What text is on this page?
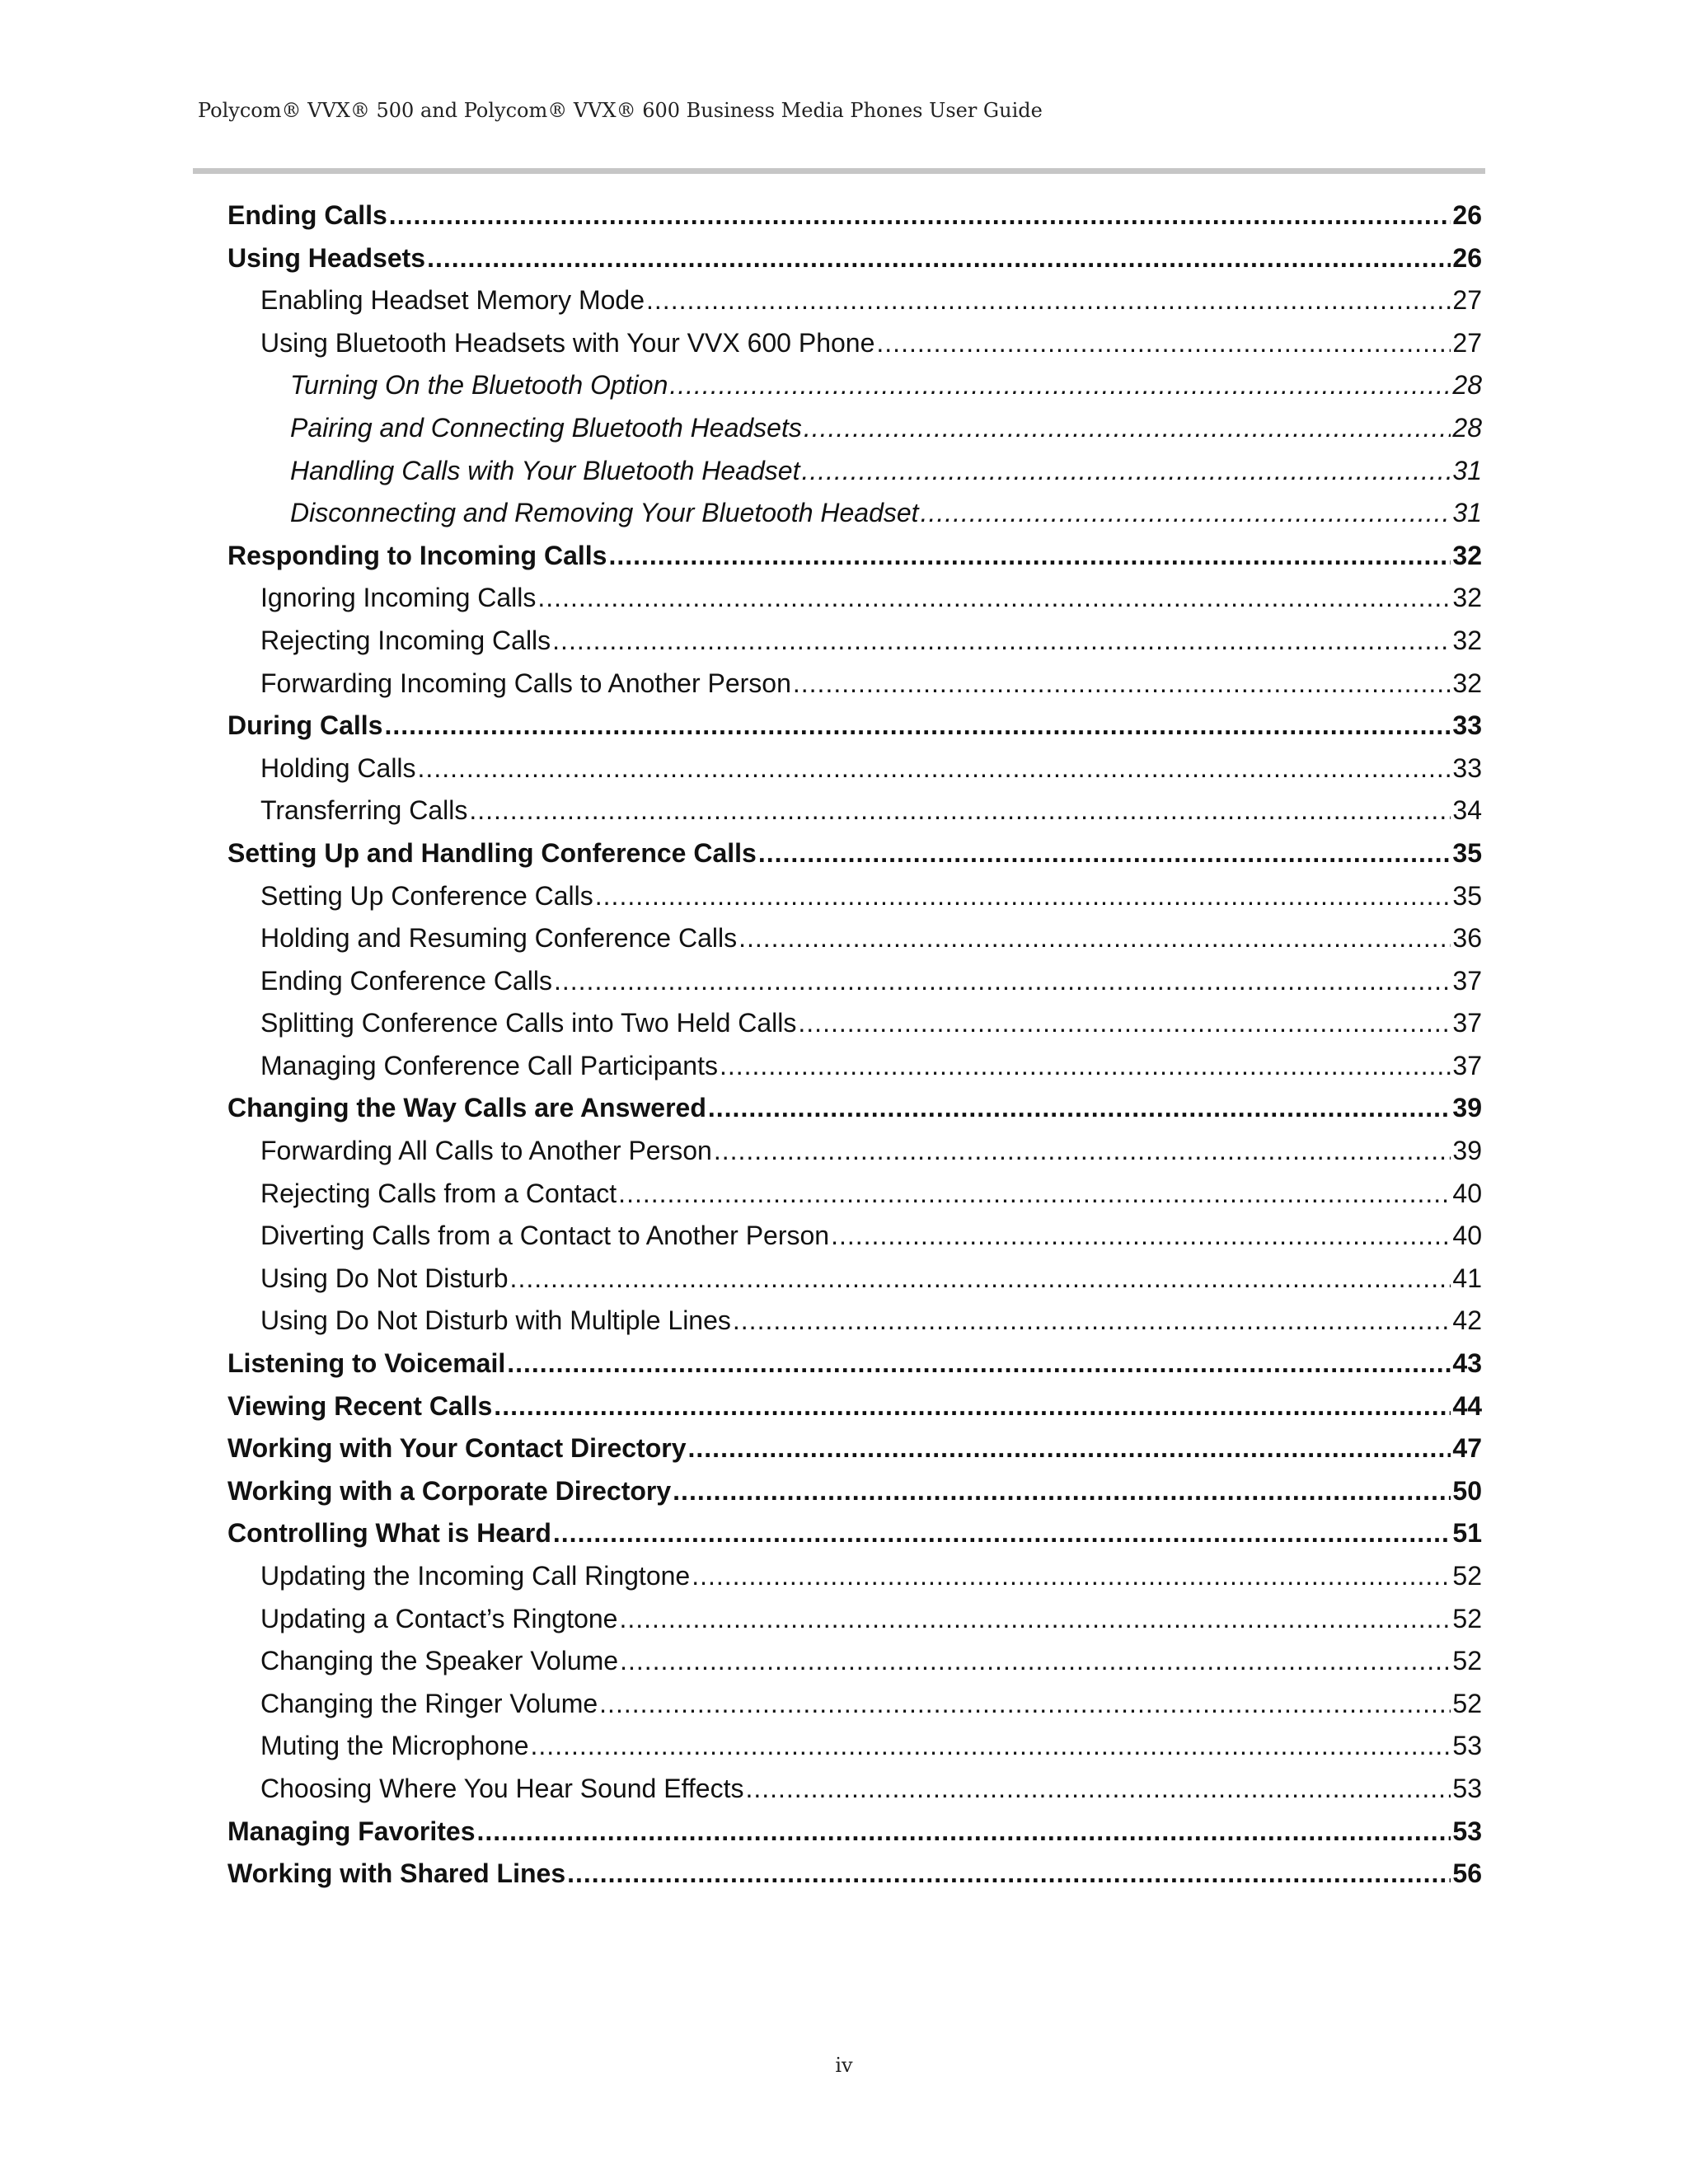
Polycom® VVX® 500 and Polycom® VVX® 600 Business Media Phones User Guide
Ending Calls .....	26
Using Headsets .....	26
Enabling Headset Memory Mode .....	27
Using Bluetooth Headsets with Your VVX 600 Phone .....	27
Turning On the Bluetooth Option .....	28
Pairing and Connecting Bluetooth Headsets .....	28
Handling Calls with Your Bluetooth Headset .....	31
Disconnecting and Removing Your Bluetooth Headset .....	31
Responding to Incoming Calls .....	32
Ignoring Incoming Calls .....	32
Rejecting Incoming Calls .....	32
Forwarding Incoming Calls to Another Person .....	32
During Calls .....	33
Holding Calls .....	33
Transferring Calls .....	34
Setting Up and Handling Conference Calls .....	35
Setting Up Conference Calls .....	35
Holding and Resuming Conference Calls .....	36
Ending Conference Calls .....	37
Splitting Conference Calls into Two Held Calls .....	37
Managing Conference Call Participants .....	37
Changing the Way Calls are Answered .....	39
Forwarding All Calls to Another Person .....	39
Rejecting Calls from a Contact .....	40
Diverting Calls from a Contact to Another Person .....	40
Using Do Not Disturb .....	41
Using Do Not Disturb with Multiple Lines .....	42
Listening to Voicemail .....	43
Viewing Recent Calls .....	44
Working with Your Contact Directory .....	47
Working with a Corporate Directory .....	50
Controlling What is Heard .....	51
Updating the Incoming Call Ringtone .....	52
Updating a Contact’s Ringtone .....	52
Changing the Speaker Volume .....	52
Changing the Ringer Volume .....	52
Muting the Microphone .....	53
Choosing Where You Hear Sound Effects .....	53
Managing Favorites .....	53
Working with Shared Lines .....	56
iv
